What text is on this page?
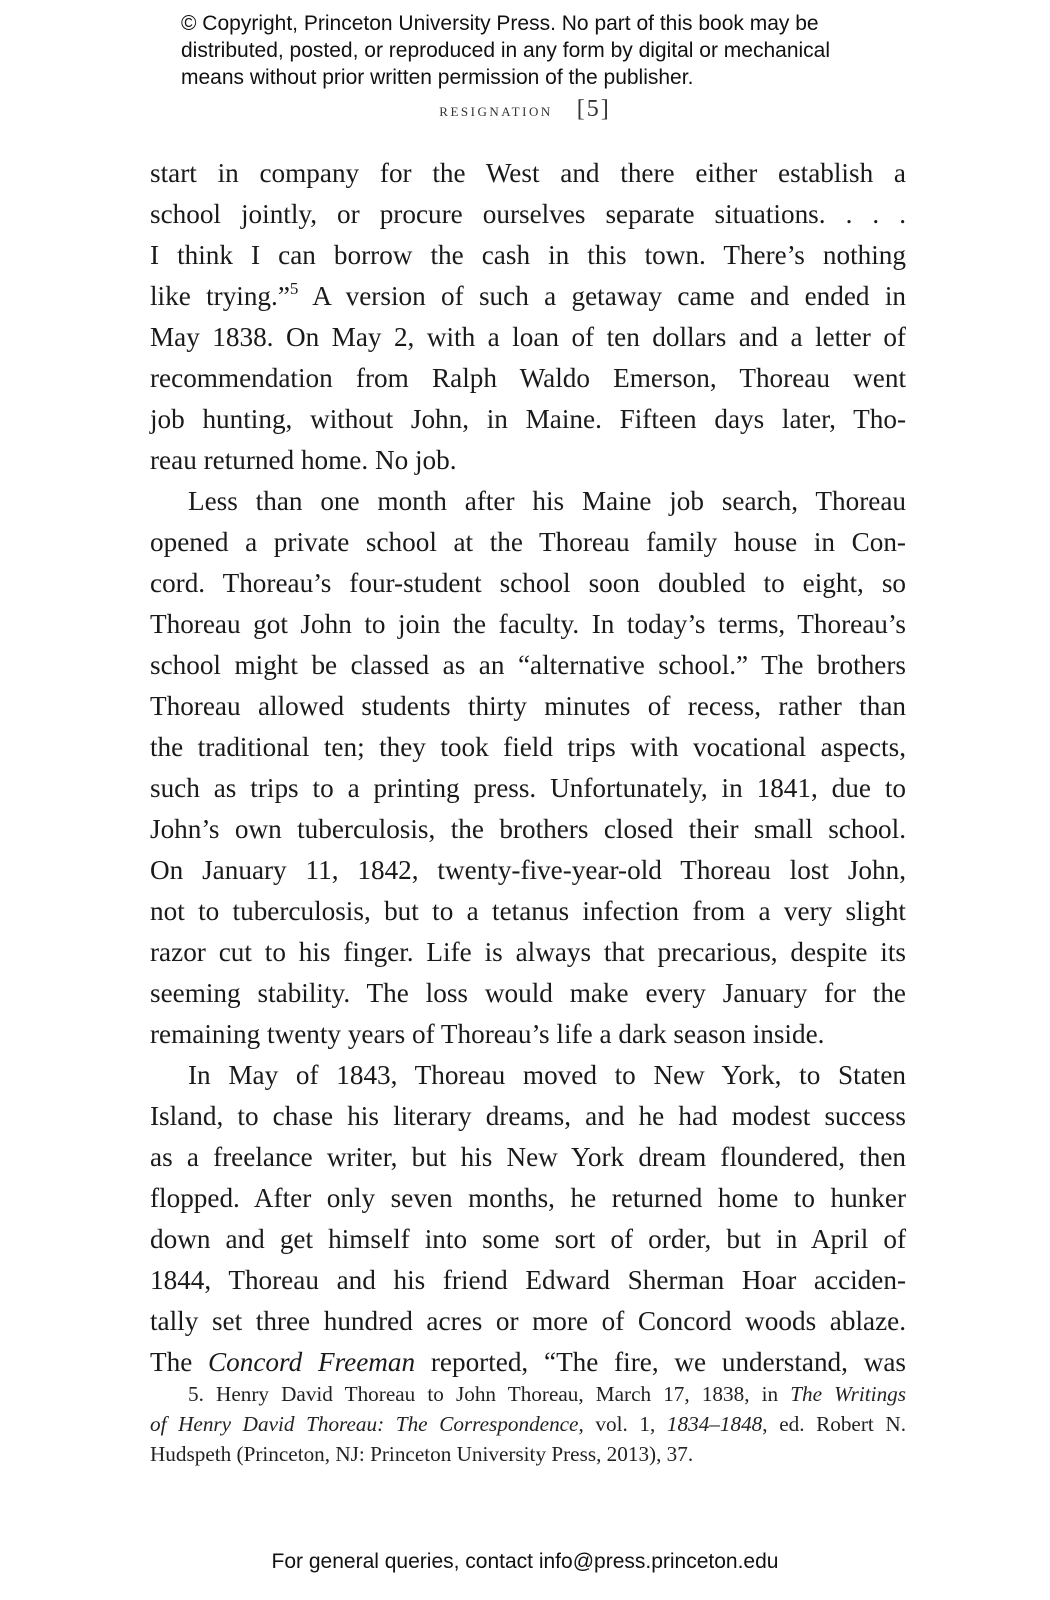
© Copyright, Princeton University Press. No part of this book may be

distributed, posted, or reproduced in any form by digital or mechanical

means without prior written permission of the publisher.

resignation [5]
start in company for the West and there either establish a
school jointly, or procure ourselves separate situations. . . .
I think I can borrow the cash in this town. There’s nothing
like trying.”$^5$ A version of such a getaway came and ended in
May 1838. On May 2, with a loan of ten dollars and a letter of
recommendation from Ralph Waldo Emerson, Thoreau went
job hunting, without John, in Maine. Fifteen days later, Tho-
reau returned home. No job.
Less than one month after his Maine job search, Thoreau
opened a private school at the Thoreau family house in Con-
cord. Thoreau’s four-student school soon doubled to eight, so
Thoreau got John to join the faculty. In today’s terms, Thoreau’s
school might be classed as an “alternative school.” The brothers
Thoreau allowed students thirty minutes of recess, rather than
the traditional ten; they took field trips with vocational aspects,
such as trips to a printing press. Unfortunately, in 1841, due to
John’s own tuberculosis, the brothers closed their small school.
On January 11, 1842, twenty-five-year-old Thoreau lost John,
not to tuberculosis, but to a tetanus infection from a very slight
razor cut to his finger. Life is always that precarious, despite its
seeming stability. The loss would make every January for the
remaining twenty years of Thoreau’s life a dark season inside.
In May of 1843, Thoreau moved to New York, to Staten
Island, to chase his literary dreams, and he had modest success
as a freelance writer, but his New York dream floundered, then
flopped. After only seven months, he returned home to hunker
down and get himself into some sort of order, but in April of
1844, Thoreau and his friend Edward Sherman Hoar acciden-
tally set three hundred acres or more of Concord woods ablaze.
The Concord Freeman reported, “The fire, we understand, was
5. Henry David Thoreau to John Thoreau, March 17, 1838, in The Writings
of Henry David Thoreau: The Correspondence, vol. 1, 1834–1848, ed. Robert N.
Hudspeth (Princeton, NJ: Princeton University Press, 2013), 37.
For general queries, contact info@press.princeton.edu
